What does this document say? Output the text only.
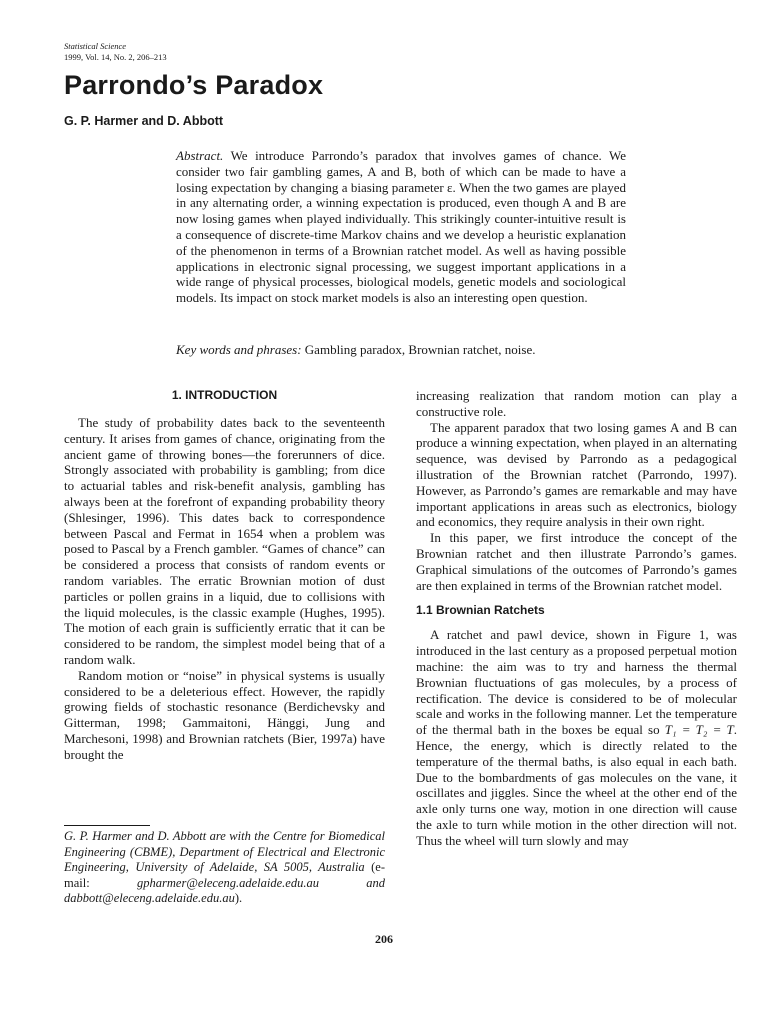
Statistical Science
1999, Vol. 14, No. 2, 206–213
Parrondo’s Paradox
G. P. Harmer and D. Abbott

Abstract. We introduce Parrondo’s paradox that involves games of chance. We consider two fair gambling games, A and B, both of which can be made to have a losing expectation by changing a biasing parameter ε. When the two games are played in any alternating order, a winning expectation is produced, even though A and B are now losing games when played individually. This strikingly counter-intuitive result is a consequence of discrete-time Markov chains and we develop a heuristic explanation of the phenomenon in terms of a Brownian ratchet model. As well as having possible applications in electronic signal processing, we suggest important applications in a wide range of physical processes, biological models, genetic models and sociological models. Its impact on stock market models is also an interesting open question.

Key words and phrases: Gambling paradox, Brownian ratchet, noise.

1. INTRODUCTION

The study of probability dates back to the seventeenth century. It arises from games of chance, originating from the ancient game of throwing bones—the forerunners of dice. Strongly associated with probability is gambling; from dice to actuarial tables and risk-benefit analysis, gambling has always been at the forefront of expanding probability theory (Shlesinger, 1996). This dates back to correspondence between Pascal and Fermat in 1654 when a problem was posed to Pascal by a French gambler. “Games of chance” can be considered a process that consists of random events or random variables. The erratic Brownian motion of dust particles or pollen grains in a liquid, due to collisions with the liquid molecules, is the classic example (Hughes, 1995). The motion of each grain is sufficiently erratic that it can be considered to be random, the simplest model being that of a random walk.

Random motion or “noise” in physical systems is usually considered to be a deleterious effect. However, the rapidly growing fields of stochastic resonance (Berdichevsky and Gitterman, 1998; Gammaitoni, Hänggi, Jung and Marchesoni, 1998) and Brownian ratchets (Bier, 1997a) have brought the

increasing realization that random motion can play a constructive role.

The apparent paradox that two losing games A and B can produce a winning expectation, when played in an alternating sequence, was devised by Parrondo as a pedagogical illustration of the Brownian ratchet (Parrondo, 1997). However, as Parrondo’s games are remarkable and may have important applications in areas such as electronics, biology and economics, they require analysis in their own right.

In this paper, we first introduce the concept of the Brownian ratchet and then illustrate Parrondo’s games. Graphical simulations of the outcomes of Parrondo’s games are then explained in terms of the Brownian ratchet model.

1.1 Brownian Ratchets

A ratchet and pawl device, shown in Figure 1, was introduced in the last century as a proposed perpetual motion machine: the aim was to try and harness the thermal Brownian fluctuations of gas molecules, by a process of rectification. The device is considered to be of molecular scale and works in the following manner. Let the temperature of the thermal bath in the boxes be equal so T₁ = T₂ = T. Hence, the energy, which is directly related to the temperature of the thermal baths, is also equal in each bath. Due to the bombardments of gas molecules on the vane, it oscillates and jiggles. Since the wheel at the other end of the axle only turns one way, motion in one direction will cause the axle to turn while motion in the other direction will not. Thus the wheel will turn slowly and may

G. P. Harmer and D. Abbott are with the Centre for Biomedical Engineering (CBME), Department of Electrical and Electronic Engineering, University of Adelaide, SA 5005, Australia (e-mail:	gpharmer@eleceng.adelaide.edu.au and dabbott@eleceng.adelaide.edu.au).

206
